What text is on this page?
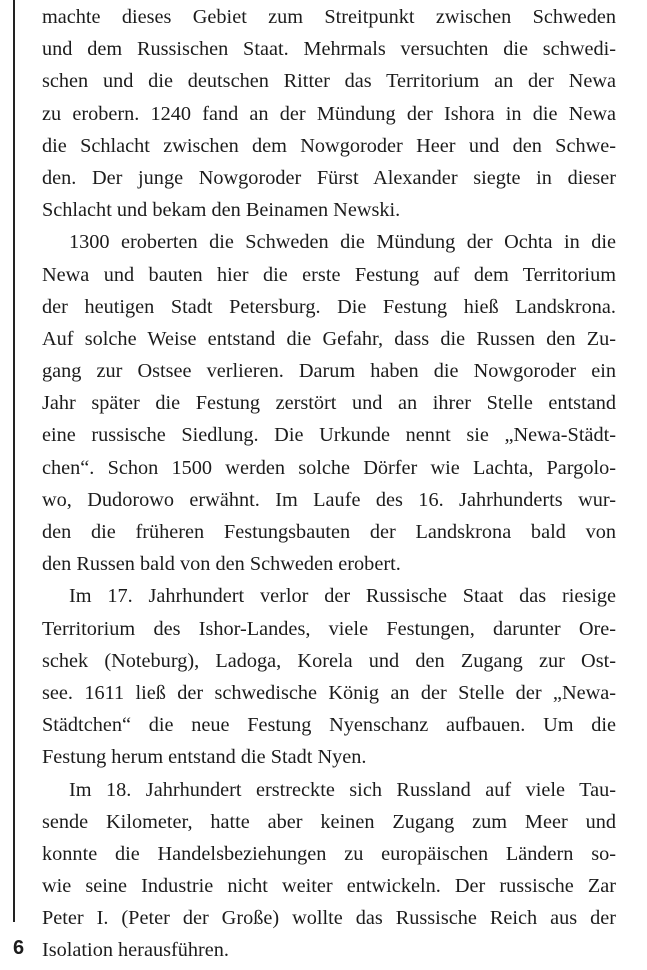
machte dieses Gebiet zum Streitpunkt zwischen Schweden
und dem Russischen Staat. Mehrmals versuchten die schwedi-
schen und die deutschen Ritter das Territorium an der Newa
zu erobern. 1240 fand an der Mündung der Ishora in die Newa
die Schlacht zwischen dem Nowgoroder Heer und den Schwe-
den. Der junge Nowgoroder Fürst Alexander siegte in dieser
Schlacht und bekam den Beinamen Newski.
1300 eroberten die Schweden die Mündung der Ochta in die
Newa und bauten hier die erste Festung auf dem Territorium
der heutigen Stadt Petersburg. Die Festung hieß Landskrona.
Auf solche Weise entstand die Gefahr, dass die Russen den Zu-
gang zur Ostsee verlieren. Darum haben die Nowgoroder ein
Jahr später die Festung zerstört und an ihrer Stelle entstand
eine russische Siedlung. Die Urkunde nennt sie „Newa-Städt-
chen“. Schon 1500 werden solche Dörfer wie Lachta, Pargolo-
wo, Dudorowo erwähnt. Im Laufe des 16. Jahrhunderts wur-
den die früheren Festungsbauten der Landskrona bald von
den Russen bald von den Schweden erobert.
Im 17. Jahrhundert verlor der Russische Staat das riesige
Territorium des Ishor-Landes, viele Festungen, darunter Ore-
schek (Noteburg), Ladoga, Korela und den Zugang zur Ost-
see. 1611 ließ der schwedische König an der Stelle der „Newa-
Städtchen“ die neue Festung Nyenschanz aufbauen. Um die
Festung herum entstand die Stadt Nyen.
Im 18. Jahrhundert erstreckte sich Russland auf viele Tau-
sende Kilometer, hatte aber keinen Zugang zum Meer und
konnte die Handelsbeziehungen zu europäischen Ländern so-
wie seine Industrie nicht weiter entwickeln. Der russische Zar
Peter I. (Peter der Große) wollte das Russische Reich aus der
Isolation herausführen.
6
